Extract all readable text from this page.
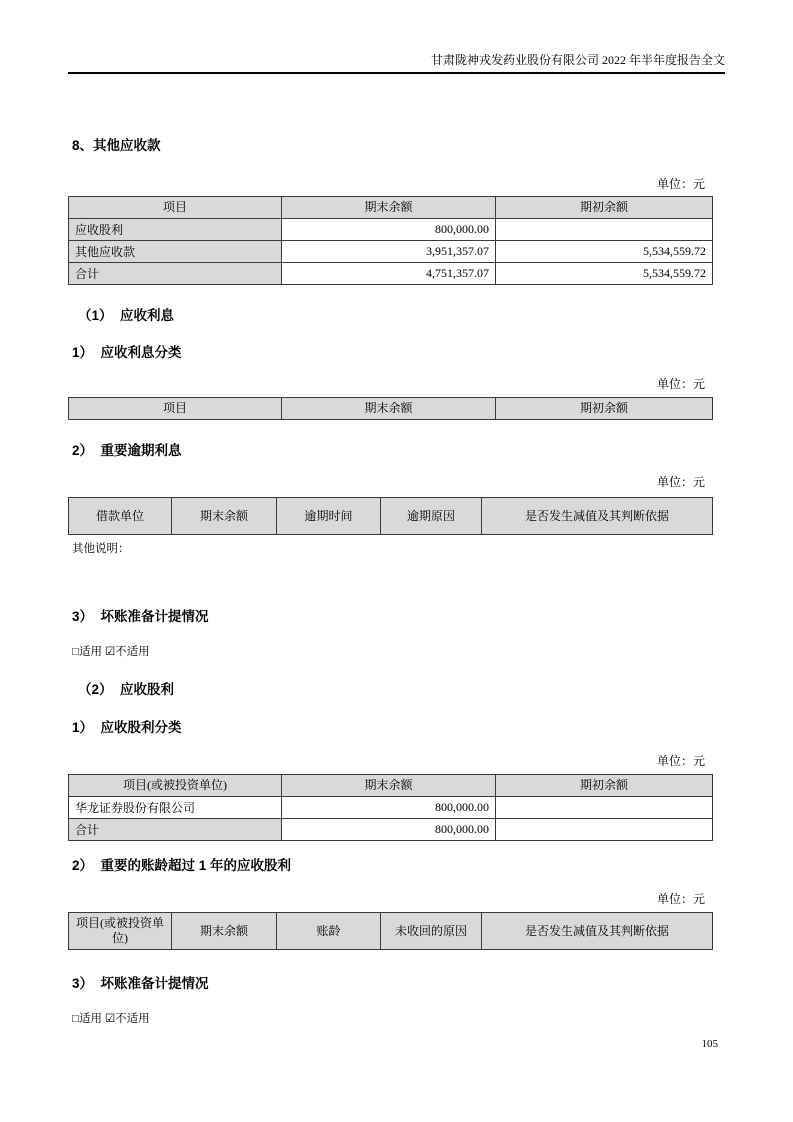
甘肃陇神戎发药业股份有限公司 2022 年半年度报告全文
8、其他应收款
单位：元
项目	期末余额	期初余额
应收股利	800,000.00	
其他应收款	3,951,357.07	5,534,559.72
合计	4,751,357.07	5,534,559.72
（1）  应收利息
1）  应收利息分类
单位：元
项目	期末余额	期初余额
2）  重要逾期利息
单位：元
借款单位	期末余额	逾期时间	逾期原因	是否发生减值及其判断依据
其他说明：
3）  坏账准备计提情况
□适用 ☑不适用
（2）  应收股利
1）  应收股利分类
单位：元
项目(或被投资单位)	期末余额	期初余额
华龙证券股份有限公司	800,000.00	
合计	800,000.00	
2）  重要的账龄超过 1 年的应收股利
单位：元
项目(或被投资单位)	期末余额	账龄	未收回的原因	是否发生减值及其判断依据
3）  坏账准备计提情况
□适用 ☑不适用
105
